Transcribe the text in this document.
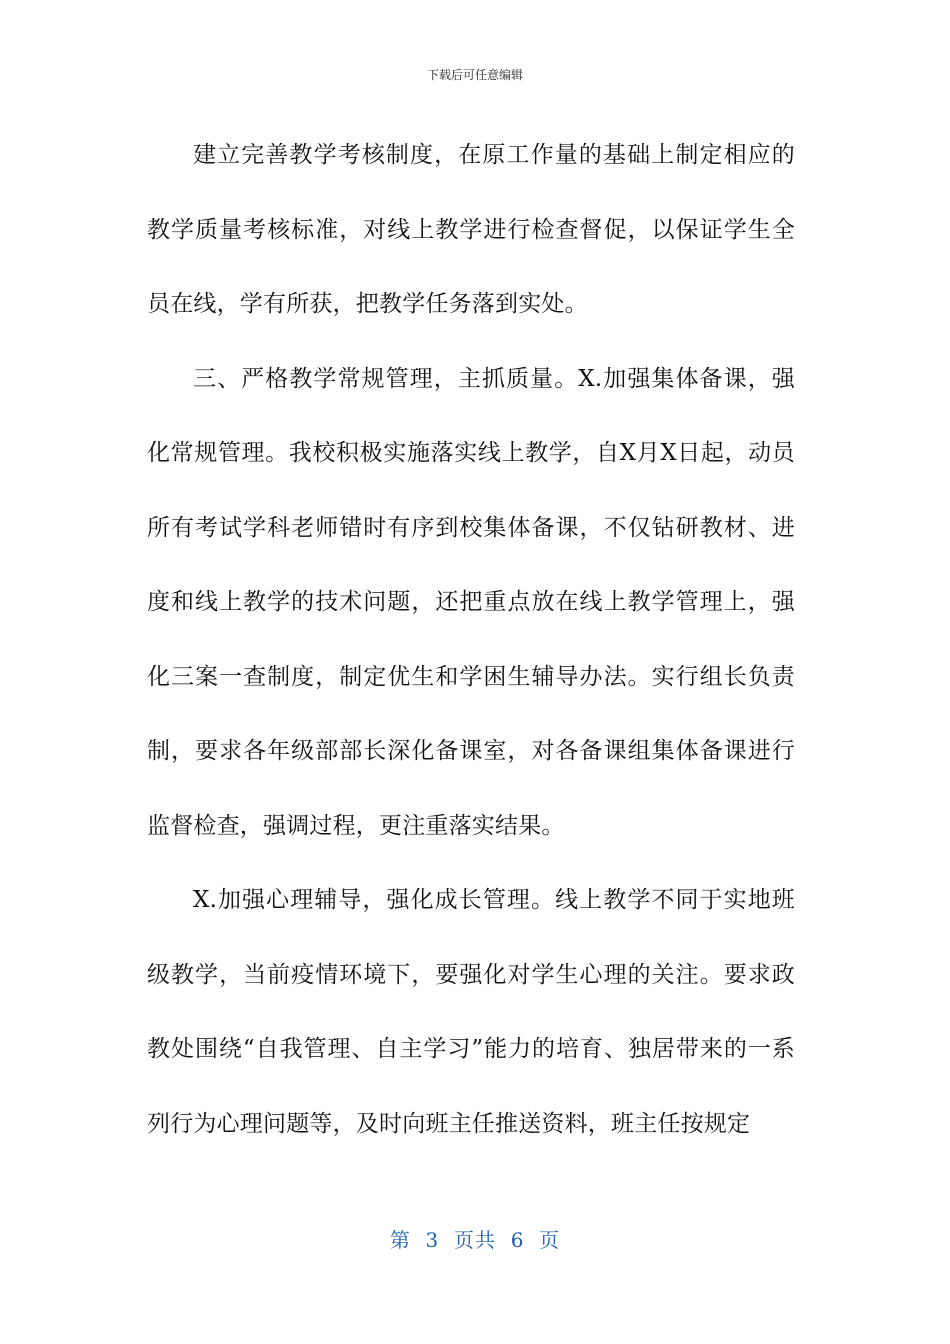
下载后可任意编辑

建立完善教学考核制度，在原工作量的基础上制定相应的教学质量考核标准，对线上教学进行检查督促，以保证学生全员在线，学有所获，把教学任务落到实处。

三、严格教学常规管理，主抓质量。X.加强集体备课，强化常规管理。我校积极实施落实线上教学，自X月X日起，动员所有考试学科老师错时有序到校集体备课，不仅钻研教材、进度和线上教学的技术问题，还把重点放在线上教学管理上，强化三案一查制度，制定优生和学困生辅导办法。实行组长负责制，要求各年级部部长深化备课室，对各备课组集体备课进行监督检查，强调过程，更注重落实结果。

X.加强心理辅导，强化成长管理。线上教学不同于实地班级教学，当前疫情环境下，要强化对学生心理的关注。要求政教处围绕“自我管理、自主学习”能力的培育、独居带来的一系列行为心理问题等，及时向班主任推送资料，班主任按规定

第  3  页共  6  页
